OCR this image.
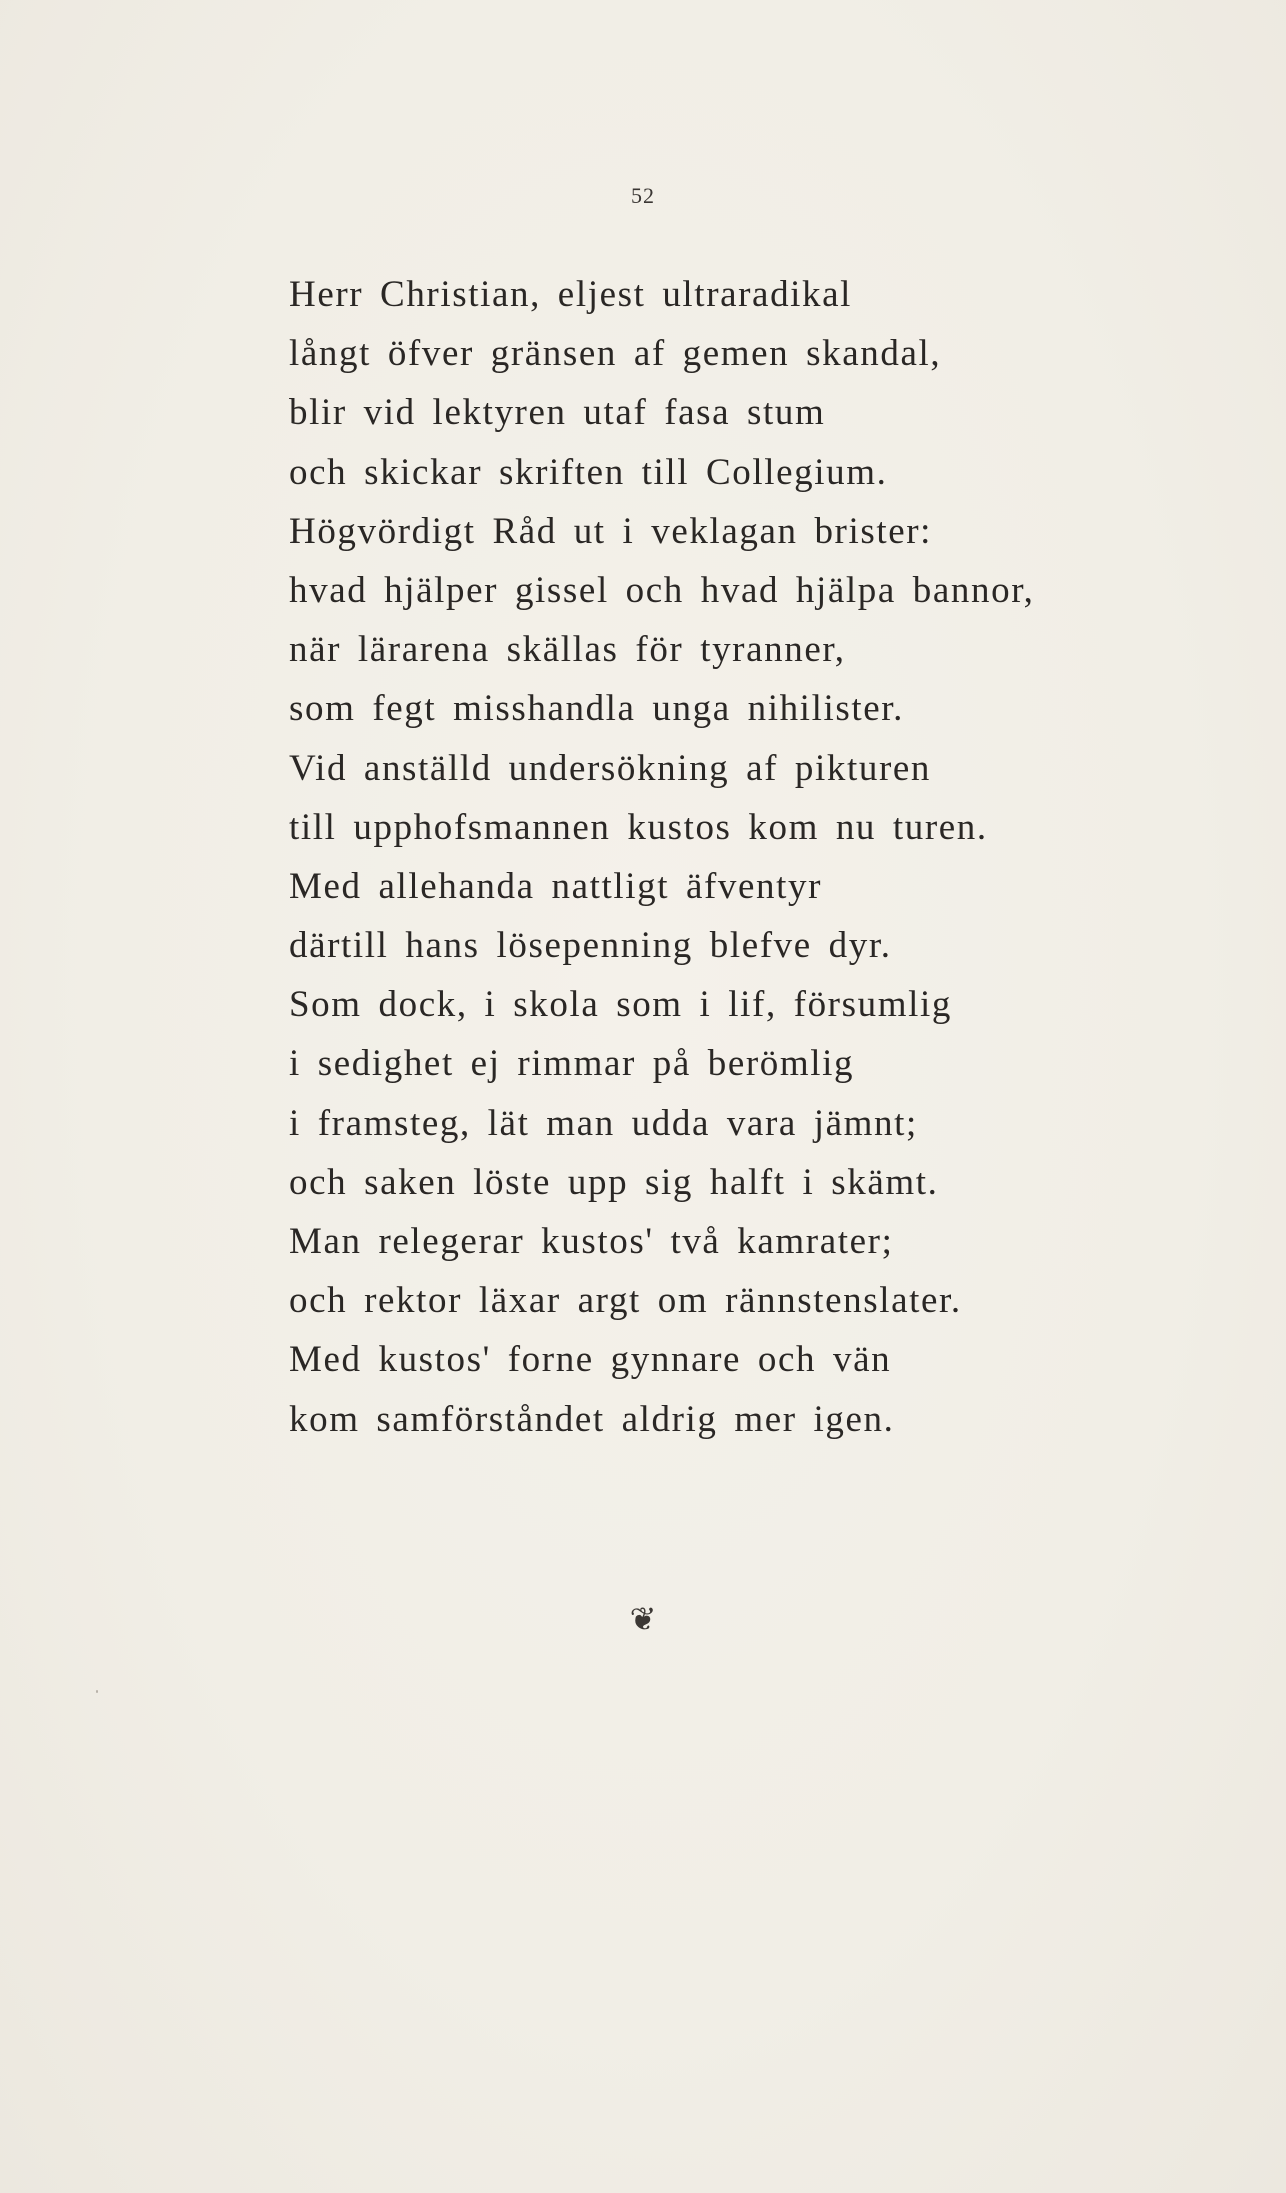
52
Herr Christian, eljest ultraradikal
långt öfver gränsen af gemen skandal,
blir vid lektyren utaf fasa stum
och skickar skriften till Collegium.
Högvördigt Råd ut i veklagan brister:
hvad hjälper gissel och hvad hjälpa bannor,
när lärarena skällas för tyranner,
som fegt misshandla unga nihilister.
Vid anställd undersökning af pikturen
till upphofsmannen kustos kom nu turen.
Med allehanda nattligt äfventyr
därtill hans lösepenning blefve dyr.
Som dock, i skola som i lif, försumlig
i sedighet ej rimmar på berömlig
i framsteg, lät man udda vara jämnt;
och saken löste upp sig halft i skämt.
Man relegerar kustos' två kamrater;
och rektor läxar argt om rännstenslater.
Med kustos' forne gynnare och vän
kom samförståndet aldrig mer igen.
❦
